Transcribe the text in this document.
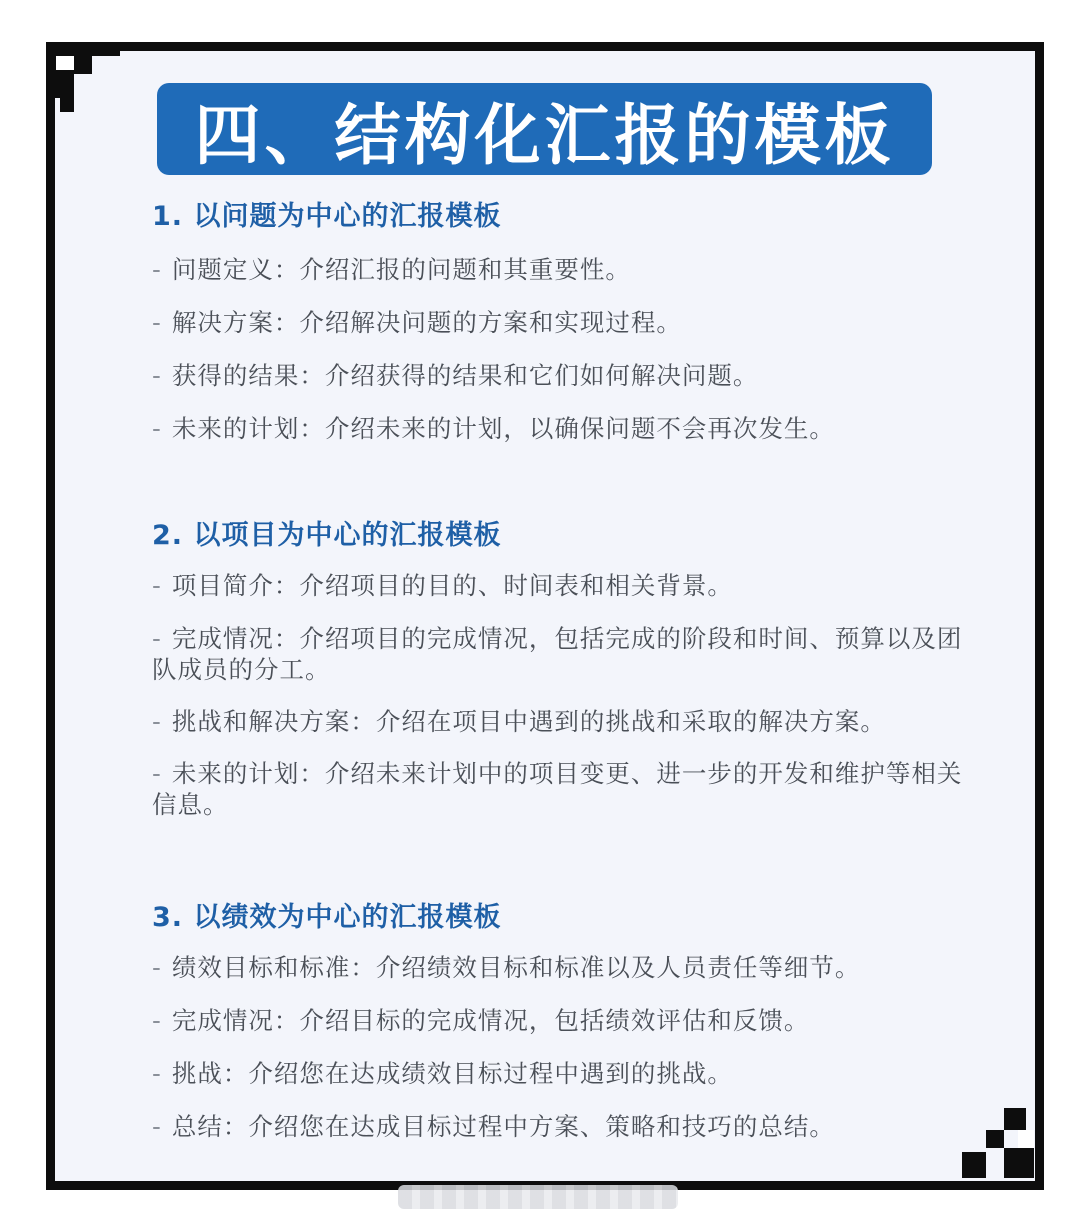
四、结构化汇报的模板

1. 以问题为中心的汇报模板

- 问题定义：介绍汇报的问题和其重要性。

- 解决方案：介绍解决问题的方案和实现过程。

- 获得的结果：介绍获得的结果和它们如何解决问题。

- 未来的计划：介绍未来的计划，以确保问题不会再次发生。

2. 以项目为中心的汇报模板

- 项目简介：介绍项目的目的、时间表和相关背景。

- 完成情况：介绍项目的完成情况，包括完成的阶段和时间、预算以及团队成员的分工。

- 挑战和解决方案：介绍在项目中遇到的挑战和采取的解决方案。

- 未来的计划：介绍未来计划中的项目变更、进一步的开发和维护等相关信息。

3. 以绩效为中心的汇报模板

- 绩效目标和标准：介绍绩效目标和标准以及人员责任等细节。

- 完成情况：介绍目标的完成情况，包括绩效评估和反馈。

- 挑战：介绍您在达成绩效目标过程中遇到的挑战。

- 总结：介绍您在达成目标过程中方案、策略和技巧的总结。
